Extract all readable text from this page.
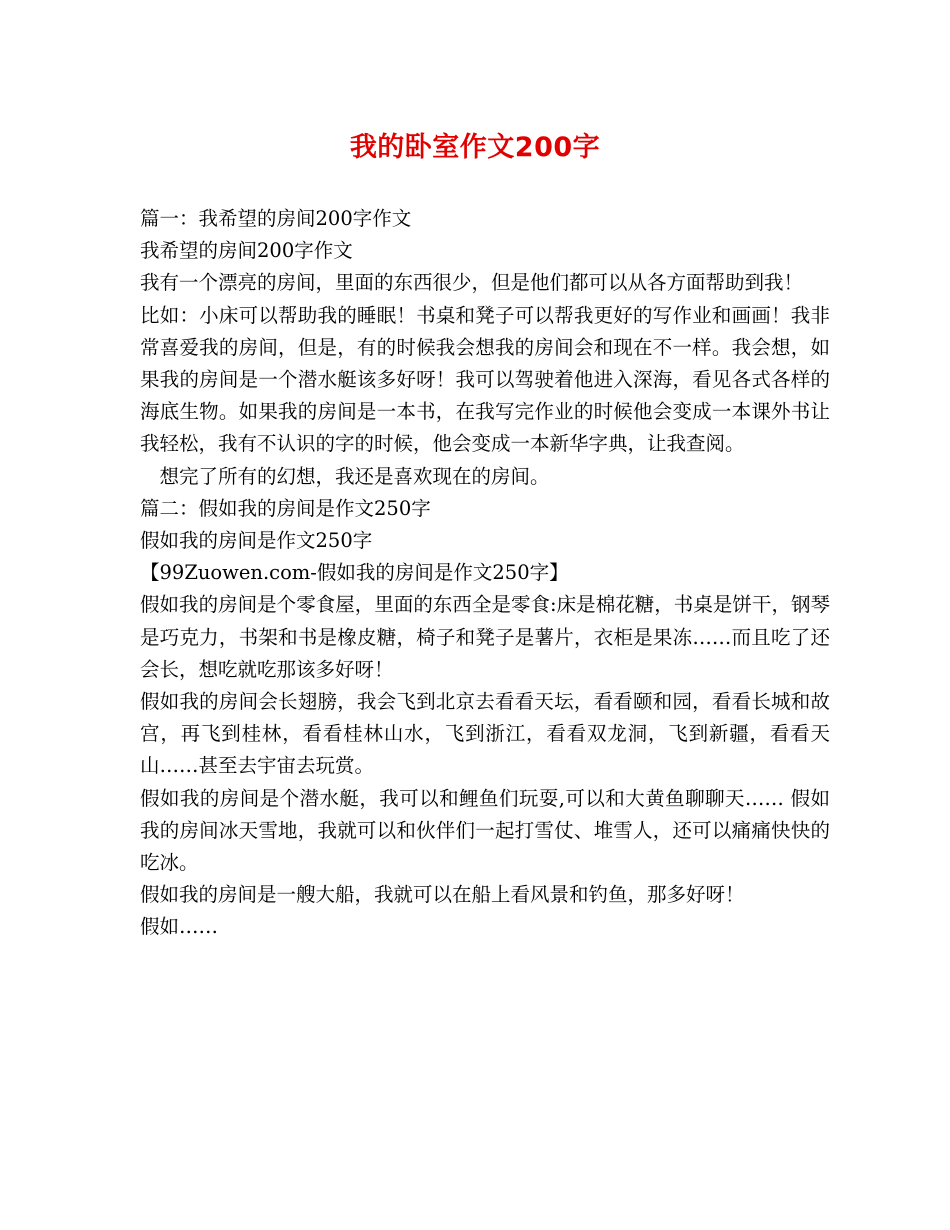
我的卧室作文200字

篇一：我希望的房间200字作文

我希望的房间200字作文

我有一个漂亮的房间，里面的东西很少，但是他们都可以从各方面帮助到我！

比如：小床可以帮助我的睡眠！书桌和凳子可以帮我更好的写作业和画画！我非常喜爱我的房间，但是，有的时候我会想我的房间会和现在不一样。我会想，如果我的房间是一个潜水艇该多好呀！我可以驾驶着他进入深海，看见各式各样的海底生物。如果我的房间是一本书，在我写完作业的时候他会变成一本课外书让我轻松，我有不认识的字的时候，他会变成一本新华字典，让我查阅。

　想完了所有的幻想，我还是喜欢现在的房间。

篇二：假如我的房间是作文250字

假如我的房间是作文250字

【99Zuowen.com-假如我的房间是作文250字】

假如我的房间是个零食屋，里面的东西全是零食:床是棉花糖，书桌是饼干，钢琴是巧克力，书架和书是橡皮糖，椅子和凳子是薯片，衣柜是果冻……而且吃了还会长，想吃就吃那该多好呀！

假如我的房间会长翅膀，我会飞到北京去看看天坛，看看颐和园，看看长城和故宫，再飞到桂林，看看桂林山水，飞到浙江，看看双龙洞，飞到新疆，看看天山……甚至去宇宙去玩赏。

假如我的房间是个潜水艇，我可以和鲤鱼们玩耍,可以和大黄鱼聊聊天…… 假如我的房间冰天雪地，我就可以和伙伴们一起打雪仗、堆雪人，还可以痛痛快快的吃冰。

假如我的房间是一艘大船，我就可以在船上看风景和钓鱼，那多好呀！

假如……
